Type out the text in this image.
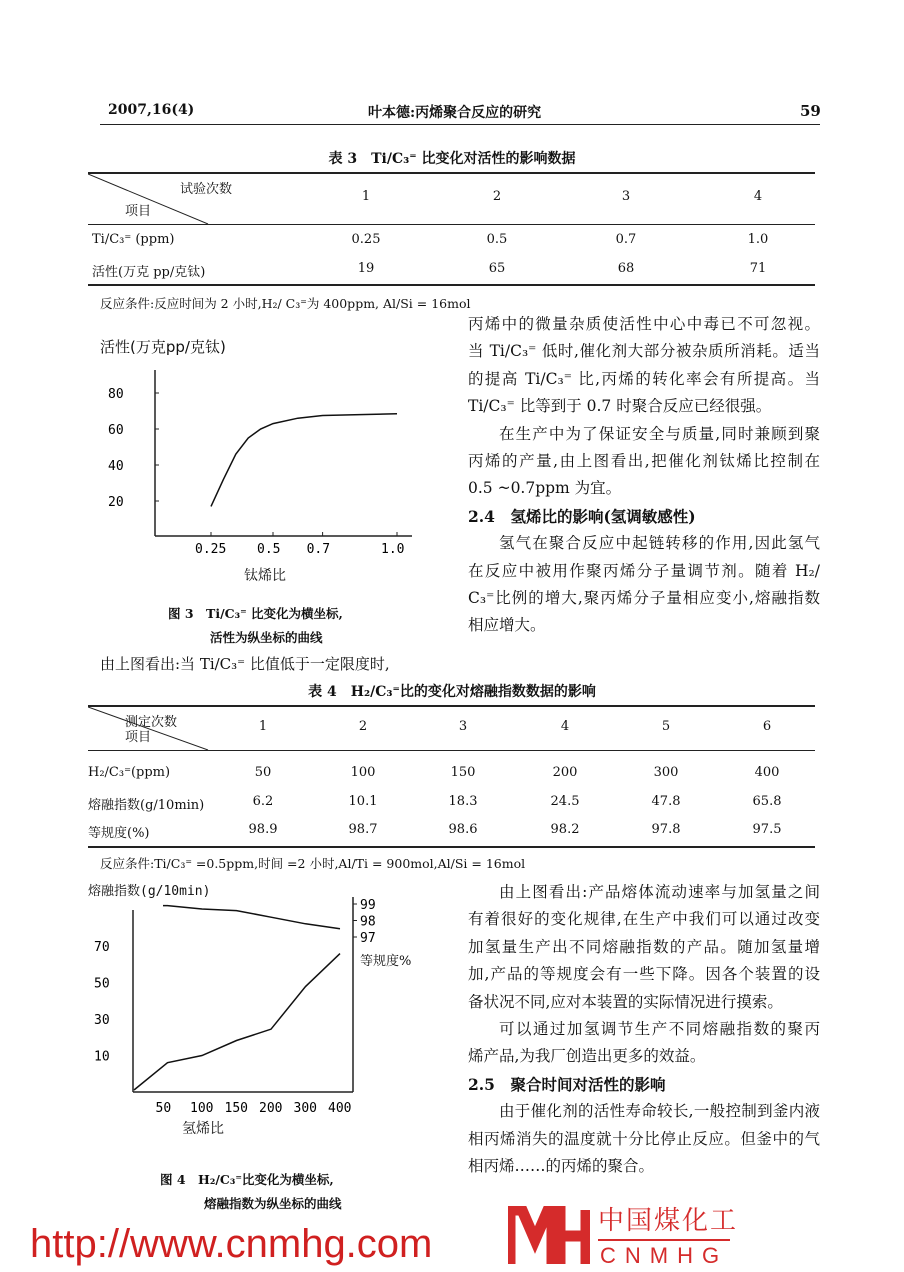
2007,16(4)	叶本德:丙烯聚合反应的研究	59
表 3　Ti/C₃⁼ 比变化对活性的影响数据
试验次数
项目
1	2	3	4
Ti/C₃⁼ (ppm)	0.25	0.5	0.7	1.0
活性(万克 pp/克钛)	19	65	68	71
反应条件:反应时间为 2 小时,H₂/ C₃⁼为 400ppm, Al/Si = 16mol
活性(万克pp/克钛)
80
60
40
20
0.25 0.5 0.7	1.0
钛烯比
图 3　Ti/C₃⁼ 比变化为横坐标,
活性为纵坐标的曲线
由上图看出:当 Ti/C₃⁼ 比值低于一定限度时,
表 4　H₂/C₃⁼比的变化对熔融指数数据的影响
测定次数
项目
1	2	3	4	5	6
H₂/C₃⁼(ppm)	50	100	150	200	300	400
熔融指数(g/10min)	6.2	10.1	18.3	24.5	47.8	65.8
等规度(%)	98.9	98.7	98.6	98.2	97.8	97.5
反应条件:Ti/C₃⁼ =0.5ppm,时间 =2 小时,Al/Ti = 900mol,Al/Si = 16mol
熔融指数(g/10min)
70
50
30
10
99
98
97
50 100 150 200 300 400
等规度%
氢烯比
图 4　H₂/C₃⁼比变化为横坐标,
熔融指数为纵坐标的曲线
丙烯中的微量杂质使活性中心中毒已不可忽视。
当 Ti/C₃⁼ 低时,催化剂大部分被杂质所消耗。适当
的提高 Ti/C₃⁼ 比,丙烯的转化率会有所提高。当
Ti/C₃⁼ 比等到于 0.7 时聚合反应已经很强。
在生产中为了保证安全与质量,同时兼顾到聚
丙烯的产量,由上图看出,把催化剂钛烯比控制在
0.5 ~0.7ppm 为宜。
2.4　氢烯比的影响(氢调敏感性)
氢气在聚合反应中起链转移的作用,因此氢气
在反应中被用作聚丙烯分子量调节剂。随着 H₂/
C₃⁼比例的增大,聚丙烯分子量相应变小,熔融指数
相应增大。
由上图看出:产品熔体流动速率与加氢量之间
有着很好的变化规律,在生产中我们可以通过改变
加氢量生产出不同熔融指数的产品。随加氢量增
加,产品的等规度会有一些下降。因各个装置的设
备状况不同,应对本装置的实际情况进行摸索。
可以通过加氢调节生产不同熔融指数的聚丙
烯产品,为我厂创造出更多的效益。
2.5　聚合时间对活性的影响
由于催化剂的活性寿命较长,一般控制到釜内液
相丙烯消失的温度就十分比停止反应。但釜中的气
相丙烯……的丙烯的聚合。
http://www.cnmhg.com
中国煤化工
CNMHG
